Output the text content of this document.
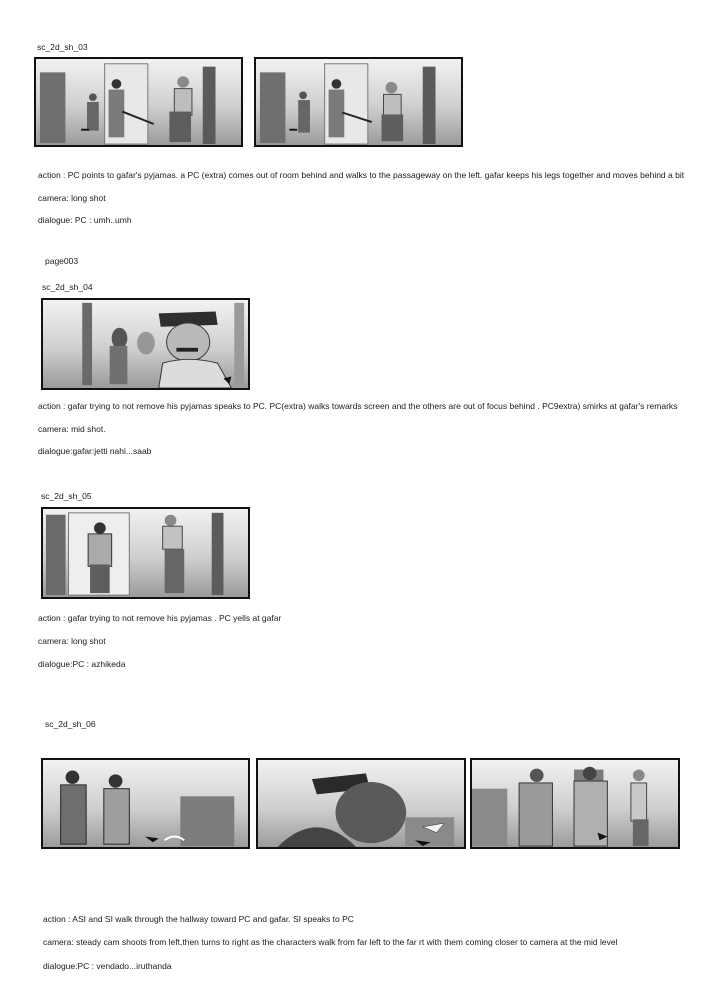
sc_2d_sh_03
action : PC points to gafar's pyjamas. a PC (extra) comes out of room behind and walks to the passageway on the left. gafar keeps his legs together and moves behind a bit
camera: long shot
dialogue: PC : umh..umh
page003
sc_2d_sh_04
action : gafar trying to not remove his pyjamas speaks to PC. PC(extra) walks towards screen and the others are out of focus behind . PC9extra) smirks at gafar's remarks
camera: mid shot.
dialogue:gafar:jetti nahi...saab
sc_2d_sh_05
action : gafar trying to not remove his pyjamas . PC yells at gafar
camera: long shot
dialogue:PC : azhikeda
sc_2d_sh_06
action : ASI and SI walk through the hallway toward PC and gafar. SI speaks to PC
camera: steady cam shoots from left,then turns to right as the characters walk from far left to the far rt with them coming closer to camera at the mid level
dialogue:PC : vendado...iruthanda
